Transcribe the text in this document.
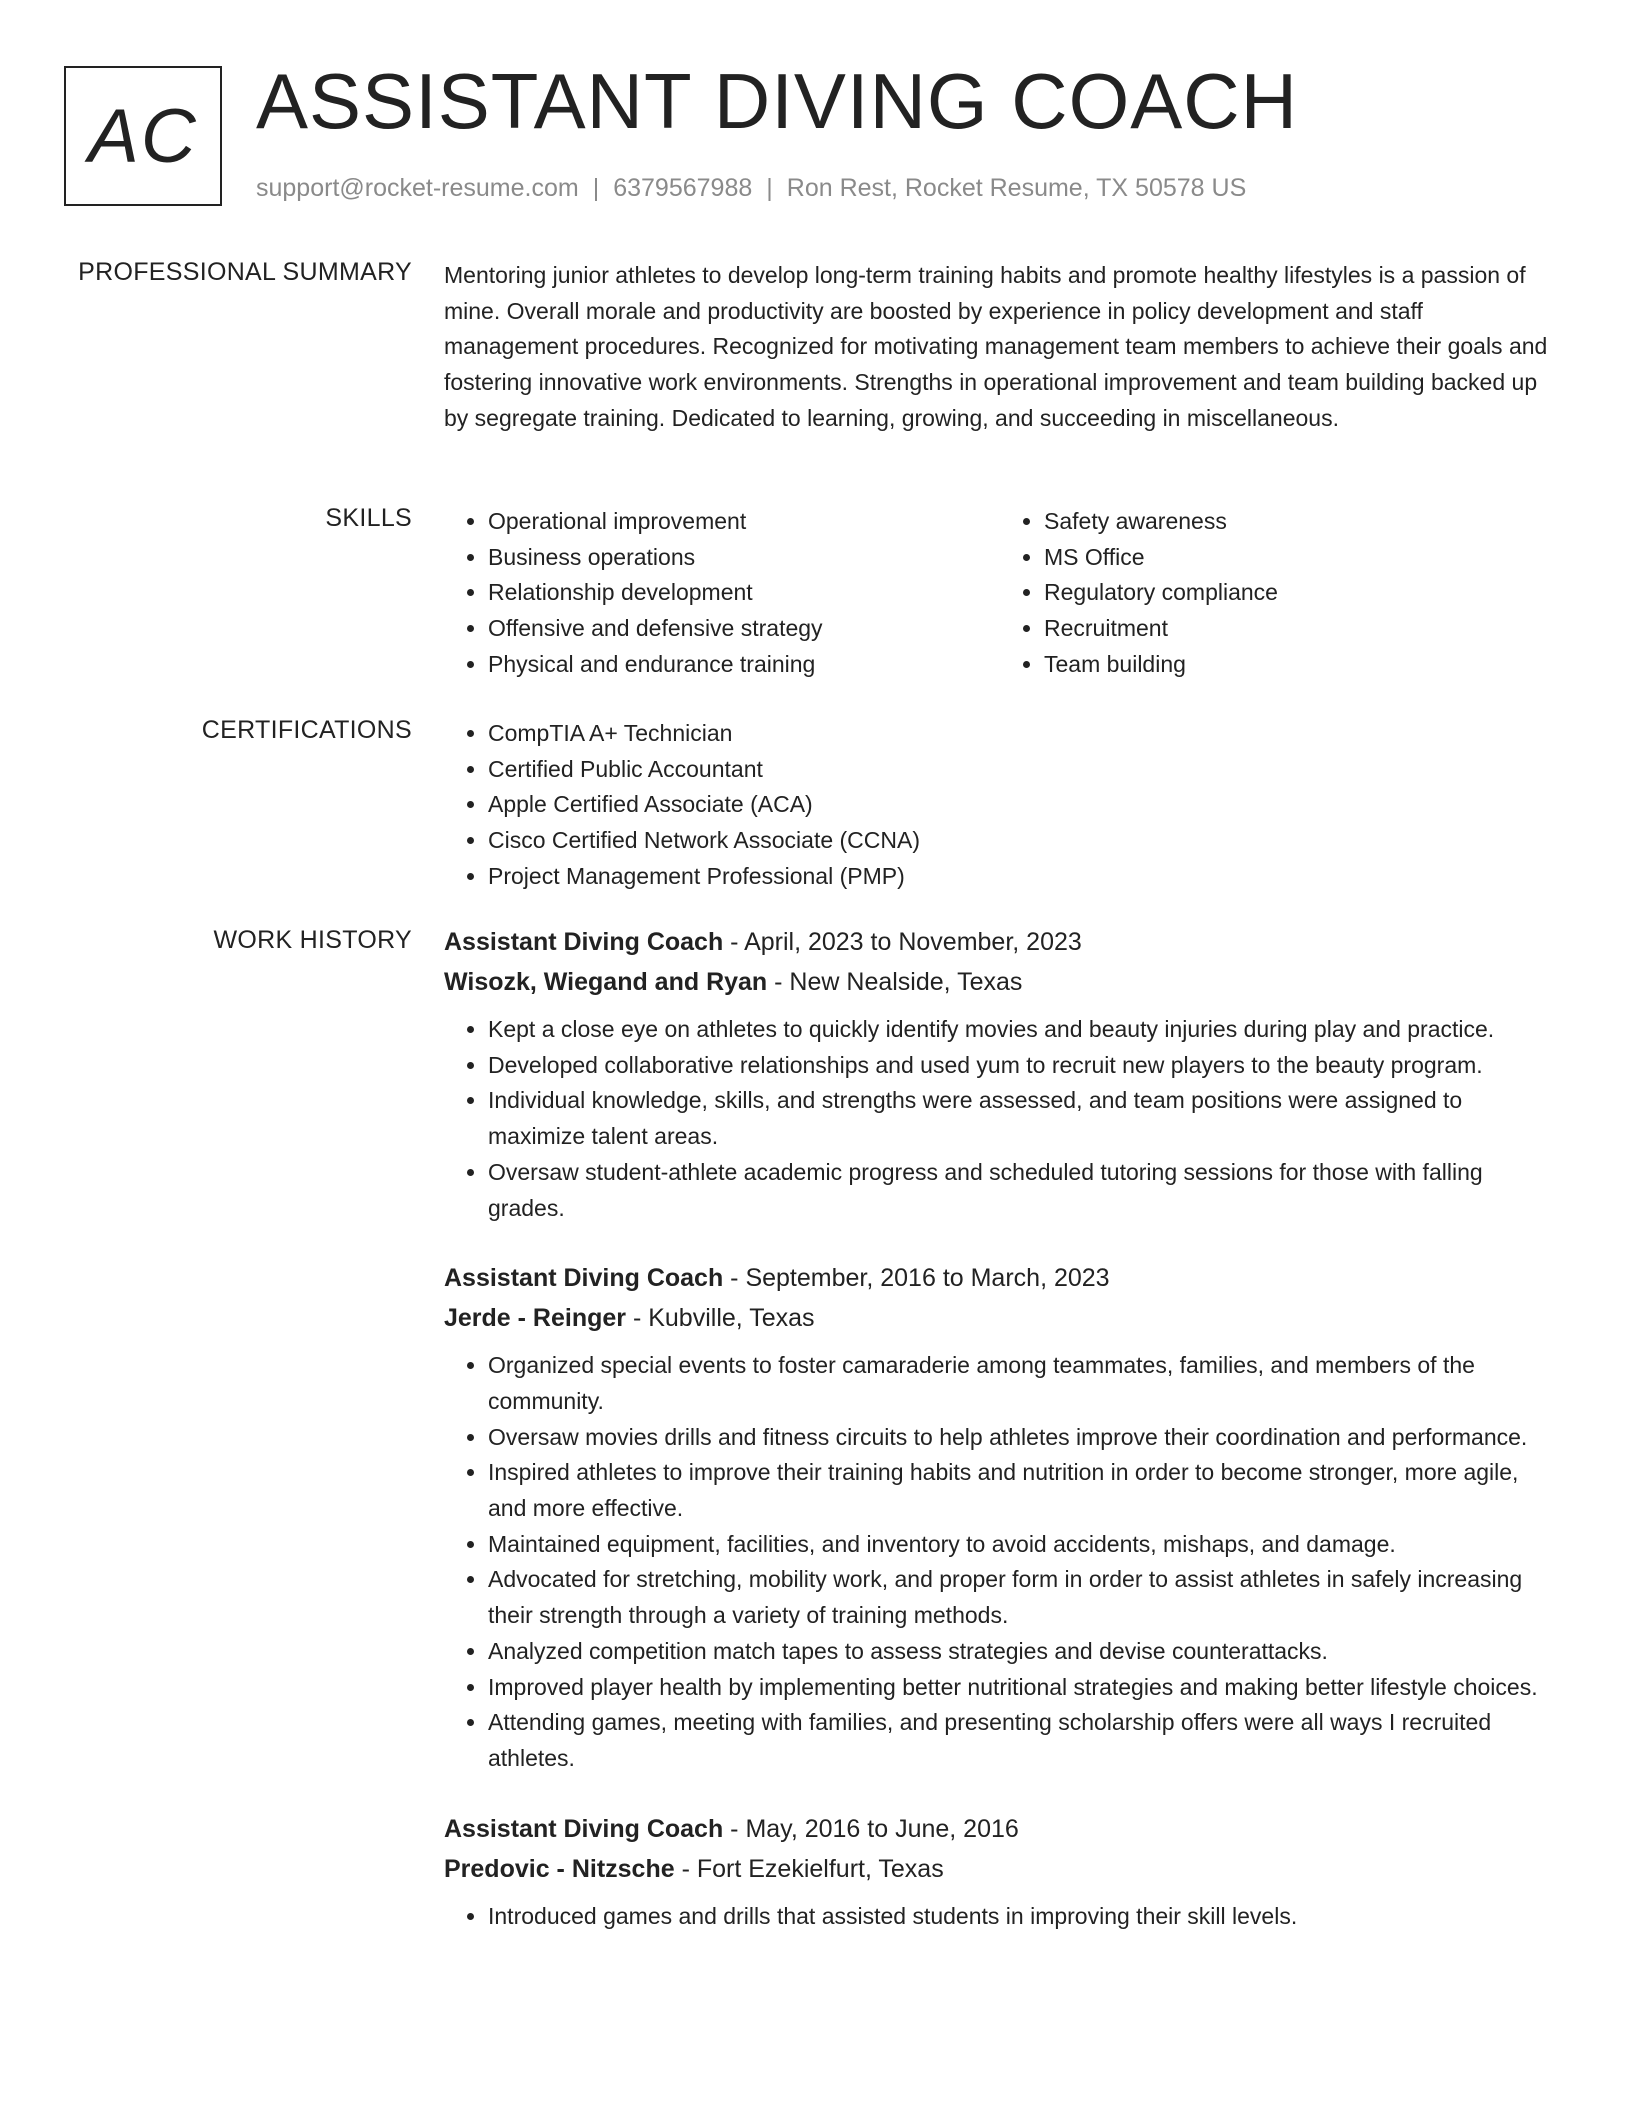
AC ASSISTANT DIVING COACH
support@rocket-resume.com | 6379567988 | Ron Rest, Rocket Resume, TX 50578 US
PROFESSIONAL SUMMARY Mentoring junior athletes to develop long-term training habits and promote healthy lifestyles is a passion of mine. Overall morale and productivity are boosted by experience in policy development and staff management procedures. Recognized for motivating management team members to achieve their goals and fostering innovative work environments. Strengths in operational improvement and team building backed up by segregate training. Dedicated to learning, growing, and succeeding in miscellaneous.
SKILLS	• Operational improvement
• Business operations
• Relationship development
• Offensive and defensive strategy
• Physical and endurance training
• Safety awareness
• MS Office
• Regulatory compliance
• Recruitment
• Team building
CERTIFICATIONS	• CompTIA A+ Technician
• Certified Public Accountant
• Apple Certified Associate (ACA)
• Cisco Certified Network Associate (CCNA)
• Project Management Professional (PMP)
WORK HISTORY Assistant Diving Coach - April, 2023 to November, 2023
Wisozk, Wiegand and Ryan - New Nealside, Texas
• Kept a close eye on athletes to quickly identify movies and beauty injuries during play and practice.
• Developed collaborative relationships and used yum to recruit new players to the beauty program.
• Individual knowledge, skills, and strengths were assessed, and team positions were assigned to maximize talent areas.
• Oversaw student-athlete academic progress and scheduled tutoring sessions for those with falling grades.
Assistant Diving Coach - September, 2016 to March, 2023
Jerde - Reinger - Kubville, Texas
• Organized special events to foster camaraderie among teammates, families, and members of the community.
• Oversaw movies drills and fitness circuits to help athletes improve their coordination and performance.
• Inspired athletes to improve their training habits and nutrition in order to become stronger, more agile, and more effective.
• Maintained equipment, facilities, and inventory to avoid accidents, mishaps, and damage.
• Advocated for stretching, mobility work, and proper form in order to assist athletes in safely increasing their strength through a variety of training methods.
• Analyzed competition match tapes to assess strategies and devise counterattacks.
• Improved player health by implementing better nutritional strategies and making better lifestyle choices.
• Attending games, meeting with families, and presenting scholarship offers were all ways I recruited athletes.
Assistant Diving Coach - May, 2016 to June, 2016
Predovic - Nitzsche - Fort Ezekielfurt, Texas
• Introduced games and drills that assisted students in improving their skill levels.
